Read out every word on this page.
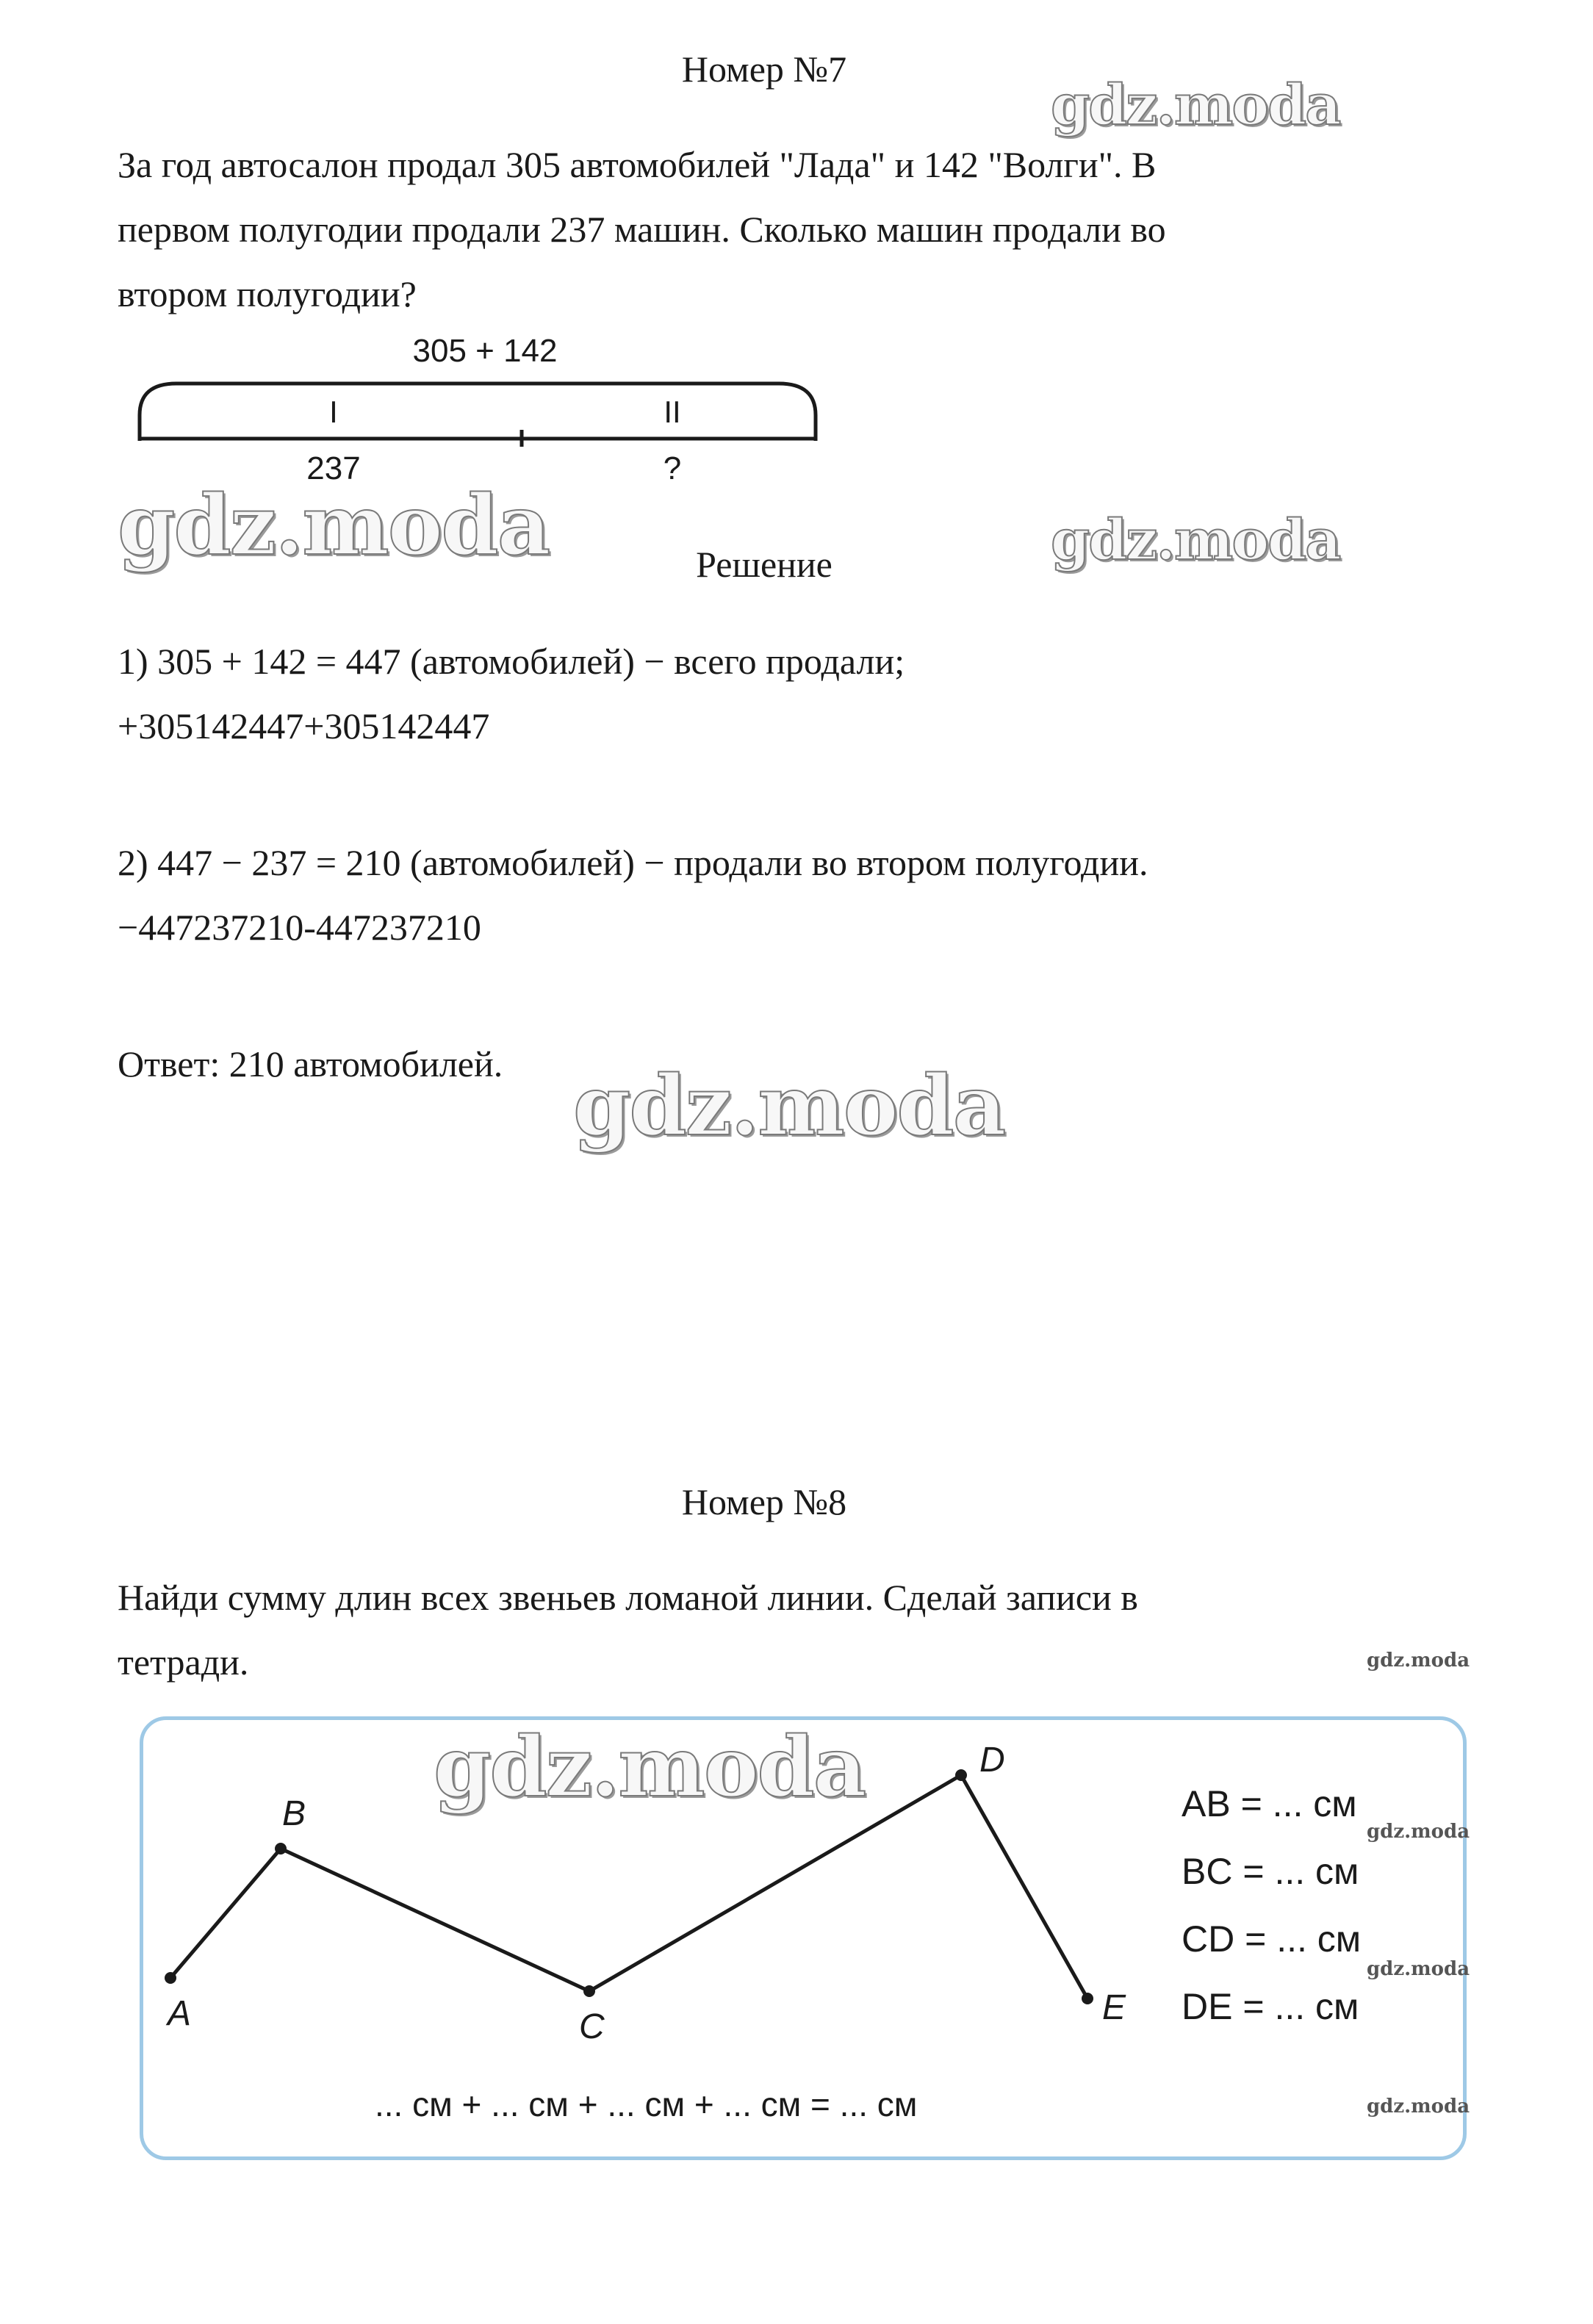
Номер №7
За год автосалон продал 305 автомобилей "Лада" и 142 "Волги". В
первом полугодии продали 237 машин. Сколько машин продали во
втором полугодии?
305 + 142
I	II
237	?
Решение
1) 305 + 142 = 447 (автомобилей) − всего продали;
+305142447+305142447
2) 447 − 237 = 210 (автомобилей) − продали во втором полугодии.
−447237210-447237210
Ответ: 210 автомобилей.
Номер №8
Найди сумму длин всех звеньев ломаной линии. Сделай записи в
тетради.
A
B
C
D
E
AB = ... см
BC = ... см
CD = ... см
DE = ... см
... см + ... см + ... см + ... см = ... см
gdz.moda
gdz.moda	gdz.moda
gdz.moda
gdz.moda
gdz.moda
gdz.moda
gdz.moda
gdz.moda
